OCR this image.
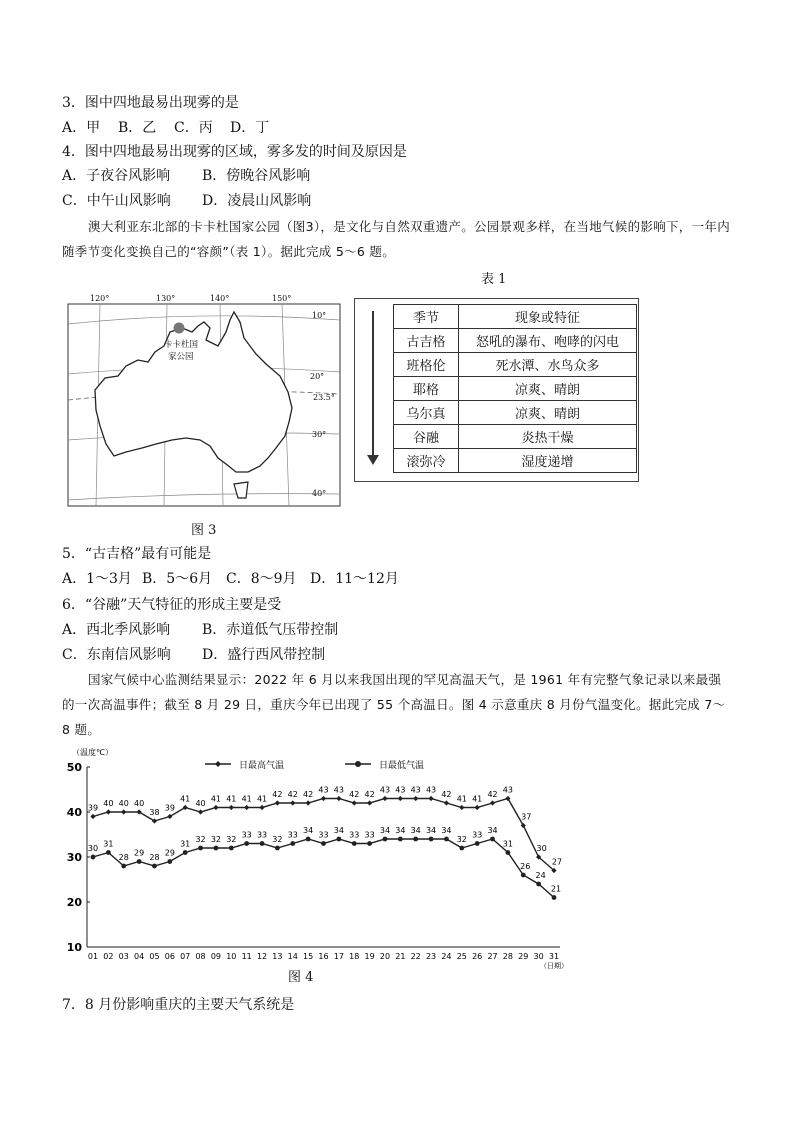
3．图中四地最易出现雾的是
A．甲 B．乙 C．丙 D．丁
4．图中四地最易出现雾的区域，雾多发的时间及原因是
A．子夜谷风影响 B．傍晚谷风影响
C．中午山风影响 D．凌晨山风影响
澳大利亚东北部的卡卡杜国家公园（图3），是文化与自然双重遗产。公园景观多样，在当地气候的影响下，一年内随季节变化变换自己的“容颜”（表 1）。据此完成 5～6 题。
表 1
卡卡杜国
家公园
120°	130°	140°	150°
10°
20°
23.5°
30°
40°
图 3
季节	现象或特征
古吉格	怒吼的瀑布、咆哮的闪电
班格伦	死水潭、水鸟众多
耶格	凉爽、晴朗
乌尔真	凉爽、晴朗
谷融	炎热干燥
滚弥冷	湿度递增
5．“古吉格”最有可能是
A．1～3月 B．5～6月 C．8～9月 D．11～12月
6．“谷融”天气特征的形成主要是受
A．西北季风影响 B．赤道低气压带控制
C．东南信风影响 D．盛行西风带控制
国家气候中心监测结果显示：2022 年 6 月以来我国出现的罕见高温天气，是 1961 年有完整气象记录以来最强的一次高温事件；截至 8 月 29 日，重庆今年已出现了 55 个高温日。图 4 示意重庆 8 月份气温变化。据此完成 7～8 题。
（温度℃）
10
20
30
40
50
01 02 03 04 05 06 07 08 09 10 11 12 13 14 15 16 17 18 19 20 21 22 23 24 25 26 27 28 29 30 31
（日期）
日最高气温	日最低气温
39 40 40 40
38 39
41 40 41 41 41 41 42 42 42 43 43 42 42 43 43 43 43 42 41 41 42 43
37
30
27
30 31
28 29 28 29
31 32 32 32 33 33 32 33 34 33 34 33 33 34 34 34 34 34
32 33 34
31
26
24
21
图 4
7．8 月份影响重庆的主要天气系统是
